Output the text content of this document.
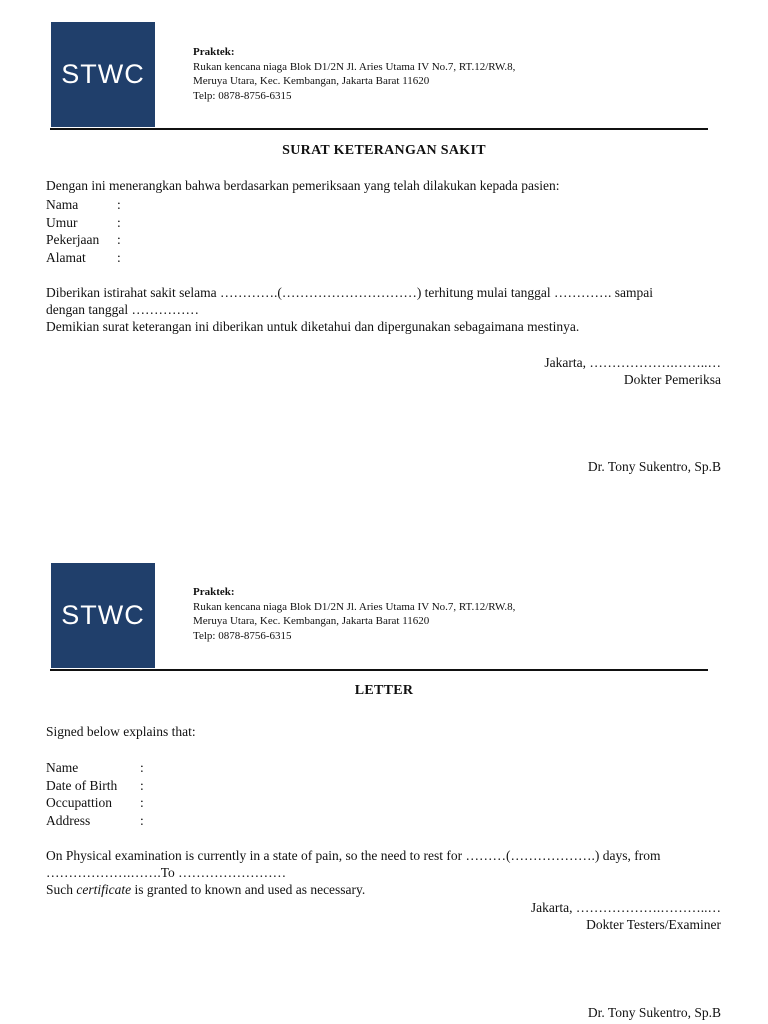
STWC
Praktek:
Rukan kencana niaga Blok D1/2N Jl. Aries Utama IV No.7, RT.12/RW.8,
Meruya Utara, Kec. Kembangan, Jakarta Barat 11620
Telp: 0878-8756-6315
SURAT KETERANGAN SAKIT
Dengan ini menerangkan bahwa berdasarkan pemeriksaan yang telah dilakukan kepada pasien:
Nama	:
Umur	:
Pekerjaan	:
Alamat	:
Diberikan istirahat sakit selama ………….(…………………………) terhitung mulai tanggal …………. sampai
dengan tanggal ……………
Demikian surat keterangan ini diberikan untuk diketahui dan dipergunakan sebagaimana mestinya.
Jakarta, ……………….……..…
Dokter Pemeriksa
Dr. Tony Sukentro, Sp.B
STWC
Praktek:
Rukan kencana niaga Blok D1/2N Jl. Aries Utama IV No.7, RT.12/RW.8,
Meruya Utara, Kec. Kembangan, Jakarta Barat 11620
Telp: 0878-8756-6315
LETTER
Signed below explains that:
Name	:
Date of Birth	:
Occupattion	:
Address	:
On Physical examination is currently in a state of pain, so the need to rest for ………(……………….) days, from
……………….…….To ……………………
Such certificate is granted to known and used as necessary.
Jakarta, ……………….………..…
Dokter Testers/Examiner
Dr. Tony Sukentro, Sp.B
